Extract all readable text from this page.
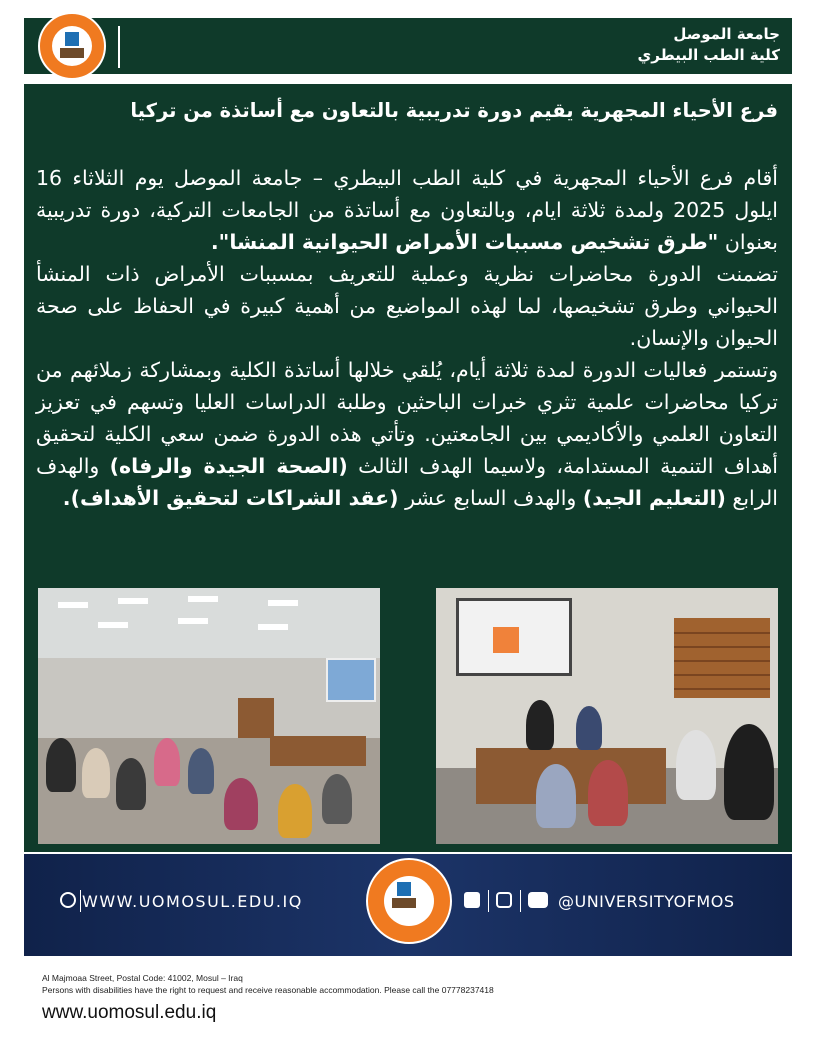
جامعة الموصل
كلية الطب البيطري
فرع الأحياء المجهرية يقيم دورة تدريبية بالتعاون مع أساتذة من تركيا

أقام فرع الأحياء المجهرية في كلية الطب البيطري – جامعة الموصل يوم الثلاثاء 16 ايلول 2025 ولمدة ثلاثة ايام، وبالتعاون مع أساتذة من الجامعات التركية، دورة تدريبية بعنوان "طرق تشخيص مسببات الأمراض الحيوانية المنشا".

تضمنت الدورة محاضرات نظرية وعملية للتعريف بمسببات الأمراض ذات المنشأ الحيواني وطرق تشخيصها، لما لهذه المواضيع من أهمية كبيرة في الحفاظ على صحة الحيوان والإنسان.

وتستمر فعاليات الدورة لمدة ثلاثة أيام، يُلقي خلالها أساتذة الكلية وبمشاركة زملائهم من تركيا محاضرات علمية تثري خبرات الباحثين وطلبة الدراسات العليا وتسهم في تعزيز التعاون العلمي والأكاديمي بين الجامعتين. وتأتي هذه الدورة ضمن سعي الكلية لتحقيق أهداف التنمية المستدامة، ولاسيما الهدف الثالث (الصحة الجيدة والرفاه) والهدف الرابع (التعليم الجيد) والهدف السابع عشر (عقد الشراكات لتحقيق الأهداف).

WWW.UOMOSUL.EDU.IQ	@UNIVERSITYOFMOS
Al Majmoaa Street, Postal Code: 41002, Mosul – Iraq
Persons with disabilities have the right to request and receive reasonable accommodation. Please call the 07778237418
www.uomosul.edu.iq
